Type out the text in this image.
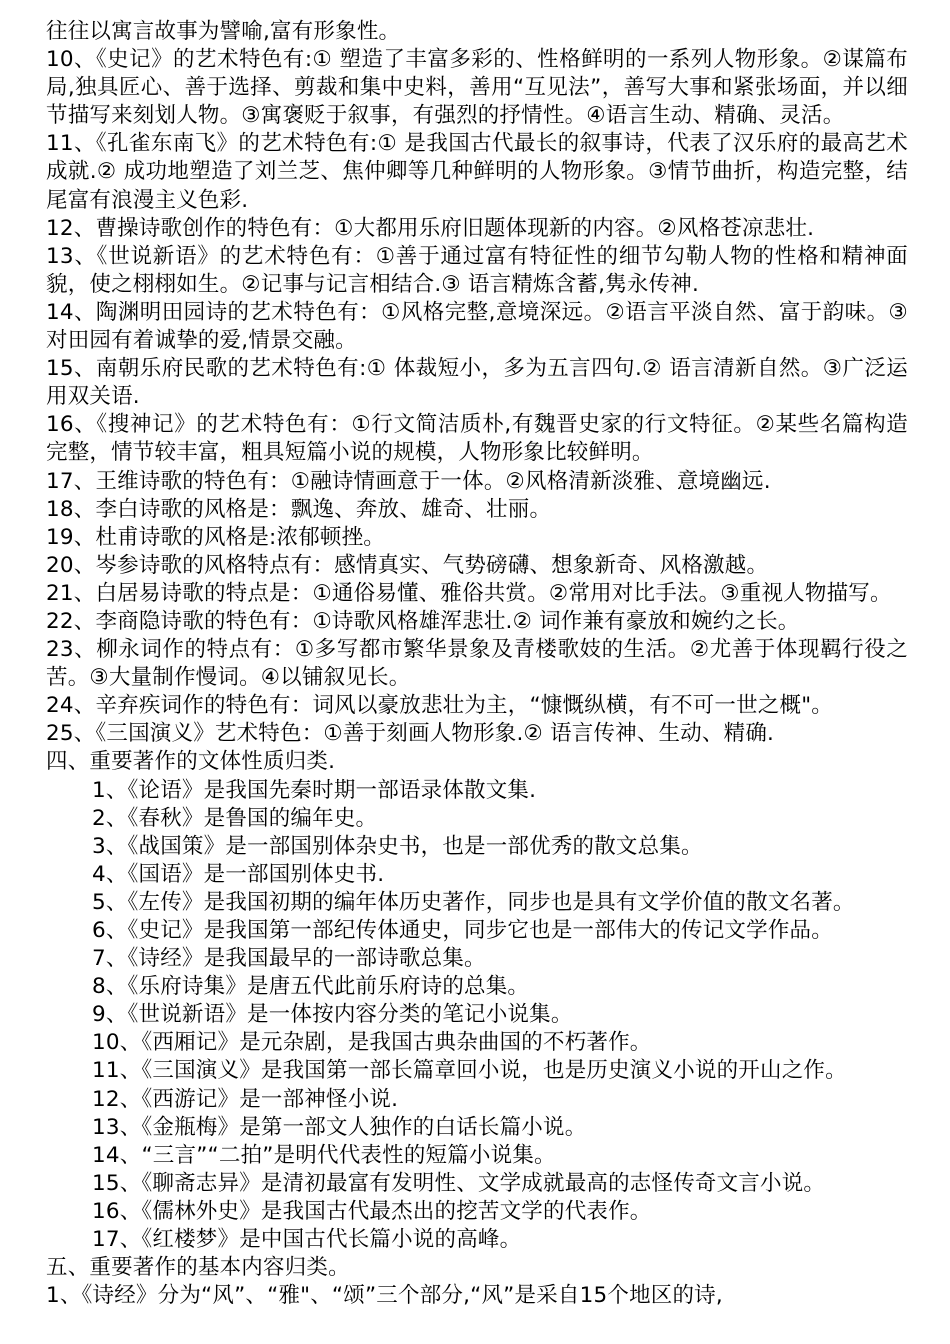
往往以寓言故事为譬喻,富有形象性。

10、《史记》的艺术特色有:① 塑造了丰富多彩的、性格鲜明的一系列人物形象。②谋篇布局,独具匠心、善于选择、剪裁和集中史料，善用“互见法”，善写大事和紧张场面，并以细节描写来刻划人物。③寓褒贬于叙事，有强烈的抒情性。④语言生动、精确、灵活。

11、《孔雀东南飞》的艺术特色有:① 是我国古代最长的叙事诗，代表了汉乐府的最高艺术成就.② 成功地塑造了刘兰芝、焦仲卿等几种鲜明的人物形象。③情节曲折，构造完整，结尾富有浪漫主义色彩.

12、曹操诗歌创作的特色有：①大都用乐府旧题体现新的内容。②风格苍凉悲壮.

13、《世说新语》的艺术特色有：①善于通过富有特征性的细节勾勒人物的性格和精神面貌，使之栩栩如生。②记事与记言相结合.③ 语言精炼含蓄,隽永传神.

14、陶渊明田园诗的艺术特色有：①风格完整,意境深远。②语言平淡自然、富于韵味。③对田园有着诚挚的爱,情景交融。

15、南朝乐府民歌的艺术特色有:① 体裁短小，多为五言四句.② 语言清新自然。③广泛运用双关语.

16、《搜神记》的艺术特色有：①行文简洁质朴,有魏晋史家的行文特征。②某些名篇构造完整，情节较丰富，粗具短篇小说的规模，人物形象比较鲜明。

17、王维诗歌的特色有：①融诗情画意于一体。②风格清新淡雅、意境幽远.

18、李白诗歌的风格是：飘逸、奔放、雄奇、壮丽。

19、杜甫诗歌的风格是:浓郁顿挫。

20、岑参诗歌的风格特点有：感情真实、气势磅礴、想象新奇、风格激越。

21、白居易诗歌的特点是：①通俗易懂、雅俗共赏。②常用对比手法。③重视人物描写。

22、李商隐诗歌的特色有：①诗歌风格雄浑悲壮.② 词作兼有豪放和婉约之长。

23、柳永词作的特点有：①多写都市繁华景象及青楼歌妓的生活。②尤善于体现羁行役之苦。③大量制作慢词。④以铺叙见长。

24、辛弃疾词作的特色有：词风以豪放悲壮为主，“慷慨纵横，有不可一世之概"。

25、《三国演义》艺术特色：①善于刻画人物形象.② 语言传神、生动、精确.

四、重要著作的文体性质归类.

1、《论语》是我国先秦时期一部语录体散文集.

2、《春秋》是鲁国的编年史。

3、《战国策》是一部国别体杂史书，也是一部优秀的散文总集。

4、《国语》是一部国别体史书.

5、《左传》是我国初期的编年体历史著作，同步也是具有文学价值的散文名著。

6、《史记》是我国第一部纪传体通史，同步它也是一部伟大的传记文学作品。

7、《诗经》是我国最早的一部诗歌总集。

8、《乐府诗集》是唐五代此前乐府诗的总集。

9、《世说新语》是一体按内容分类的笔记小说集。

10、《西厢记》是元杂剧，是我国古典杂曲国的不朽著作。

11、《三国演义》是我国第一部长篇章回小说，也是历史演义小说的开山之作。

12、《西游记》是一部神怪小说.

13、《金瓶梅》是第一部文人独作的白话长篇小说。

14、“三言”“二拍”是明代代表性的短篇小说集。

15、《聊斋志异》是清初最富有发明性、文学成就最高的志怪传奇文言小说。

16、《儒林外史》是我国古代最杰出的挖苦文学的代表作。

17、《红楼梦》是中国古代长篇小说的高峰。

五、重要著作的基本内容归类。

1、《诗经》分为“风”、“雅"、“颂”三个部分,“风”是采自15个地区的诗,
